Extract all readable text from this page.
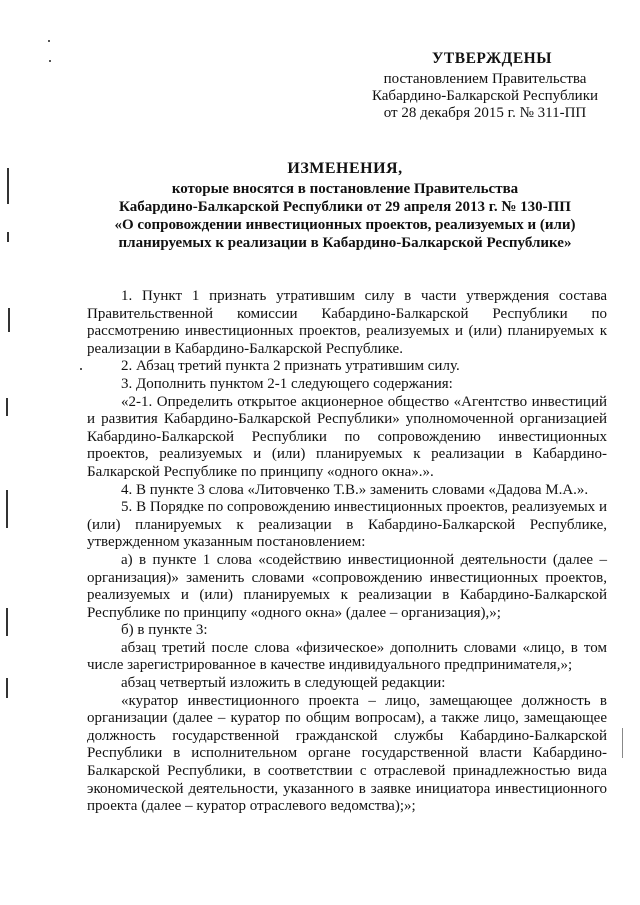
УТВЕРЖДЕНЫ
постановлением Правительства
Кабардино-Балкарской Республики
от 28 декабря 2015 г. № 311-ПП
ИЗМЕНЕНИЯ,
которые вносятся в постановление Правительства
Кабардино-Балкарской Республики от 29 апреля 2013 г. № 130-ПП
«О сопровождении инвестиционных проектов, реализуемых и (или)
планируемых к реализации в Кабардино-Балкарской Республике»

1. Пункт 1 признать утратившим силу в части утверждения состава Правительственной комиссии Кабардино-Балкарской Республики по рассмотрению инвестиционных проектов, реализуемых и (или) планируемых к реализации в Кабардино-Балкарской Республике.

2. Абзац третий пункта 2 признать утратившим силу.

3. Дополнить пунктом 2-1 следующего содержания:

«2-1. Определить открытое акционерное общество «Агентство инвестиций и развития Кабардино-Балкарской Республики» уполномоченной организацией Кабардино-Балкарской Республики по сопровождению инвестиционных проектов, реализуемых и (или) планируемых к реализации в Кабардино-Балкарской Республике по принципу «одного окна».».

4. В пункте 3 слова «Литовченко Т.В.» заменить словами «Дадова М.А.».

5. В Порядке по сопровождению инвестиционных проектов, реализуемых и (или) планируемых к реализации в Кабардино-Балкарской Республике, утвержденном указанным постановлением:

а) в пункте 1 слова «содействию инвестиционной деятельности (далее – организация)» заменить словами «сопровождению инвестиционных проектов, реализуемых и (или) планируемых к реализации в Кабардино-Балкарской Республике по принципу «одного окна» (далее – организация),»;

б) в пункте 3:

абзац третий после слова «физическое» дополнить словами «лицо, в том числе зарегистрированное в качестве индивидуального предпринимателя,»;

абзац четвертый изложить в следующей редакции:

«куратор инвестиционного проекта – лицо, замещающее должность в организации (далее – куратор по общим вопросам), а также лицо, замещающее должность государственной гражданской службы Кабардино-Балкарской Республики в исполнительном органе государственной власти Кабардино-Балкарской Республики, в соответствии с отраслевой принадлежностью вида экономической деятельности, указанного в заявке инициатора инвестиционного проекта (далее – куратор отраслевого ведомства);»;
